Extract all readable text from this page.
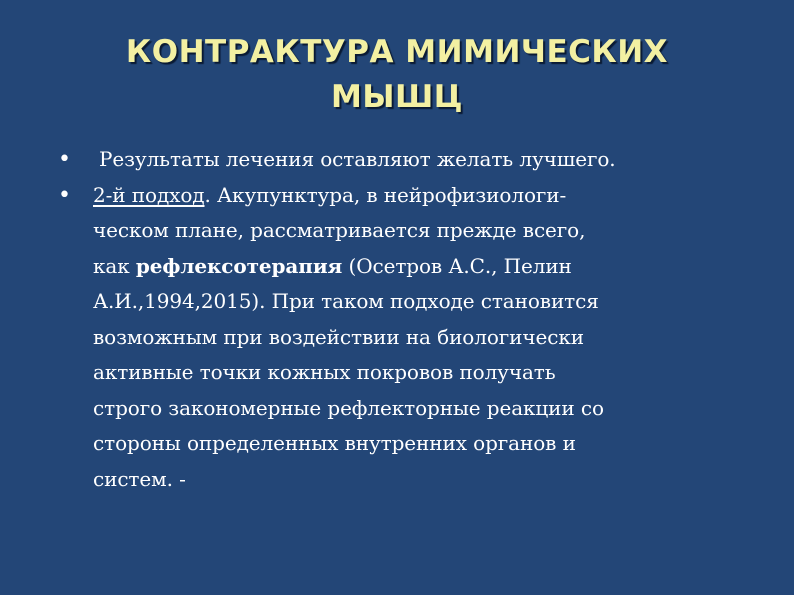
КОНТРАКТУРА МИМИЧЕСКИХ
МЫШЦ
•	Результаты лечения оставляют желать лучшего.
• 2-й подход. Акупунктура, в нейрофизиологи-
ческом плане, рассматривается прежде всего,
как рефлексотерапия (Осетров А.С., Пелин
А.И.,1994,2015). При таком подходе становится
возможным при воздействии на биологически
активные точки кожных покровов получать
строго закономерные рефлекторные реакции со
стороны определенных внутренних органов и
систем. -
